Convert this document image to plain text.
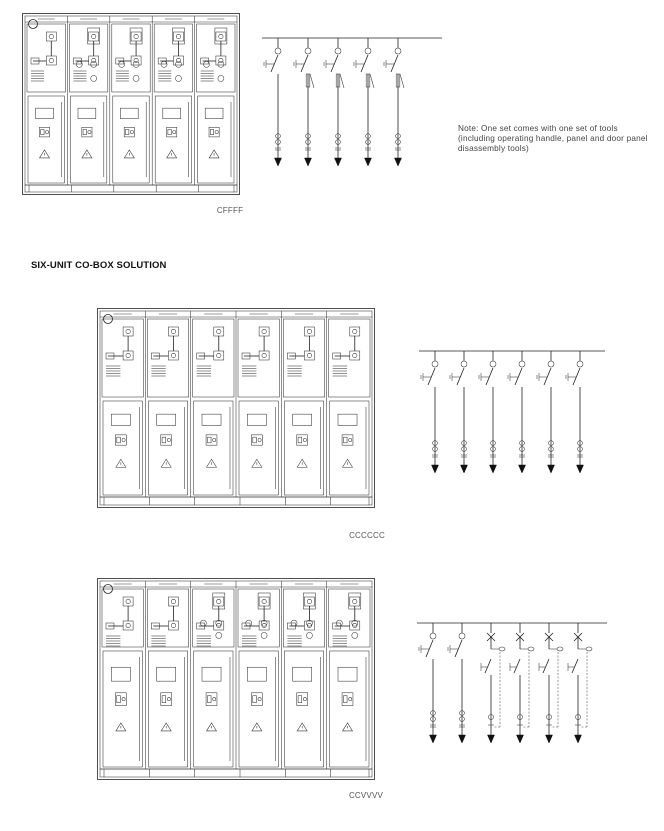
CFFFF
Note: One set comes with one set of tools (including operating handle, panel and door panel disassembly tools)
SIX-UNIT CO-BOX SOLUTION
CCCCCC
CCVVVV
